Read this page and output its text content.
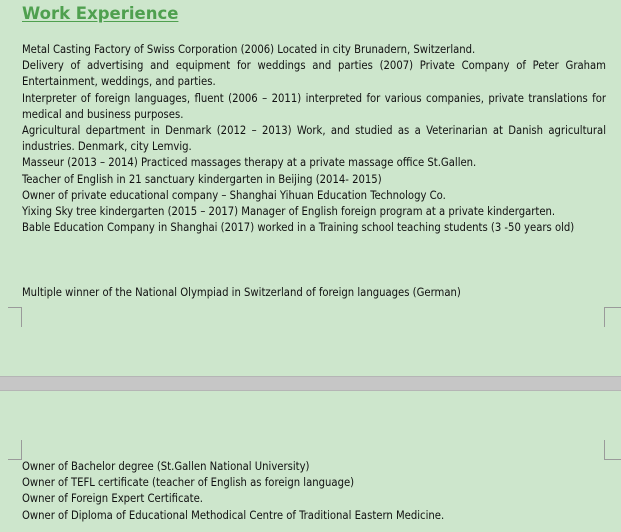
Work Experience
Metal Casting Factory of Swiss Corporation (2006) Located in city Brunadern, Switzerland.
Delivery of advertising and equipment for weddings and parties (2007) Private Company of Peter Graham Entertainment, weddings, and parties.
Interpreter of foreign languages, fluent (2006 – 2011) interpreted for various companies, private translations for medical and business purposes.
Agricultural department in Denmark (2012 – 2013) Work, and studied as a Veterinarian at Danish agricultural industries. Denmark, city Lemvig.
Masseur (2013 – 2014) Practiced massages therapy at a private massage office St.Gallen.
Teacher of English in 21 sanctuary kindergarten in Beijing (2014- 2015)
Owner of private educational company – Shanghai Yihuan Education Technology Co.
Yixing Sky tree kindergarten (2015 – 2017) Manager of English foreign program at a private kindergarten.
Bable Education Company in Shanghai (2017) worked in a Training school teaching students (3 -50 years old)
Multiple winner of the National Olympiad in Switzerland of foreign languages (German)
Owner of Bachelor degree (St.Gallen National University)
Owner of TEFL certificate (teacher of English as foreign language)
Owner of Foreign Expert Certificate.
Owner of Diploma of Educational Methodical Centre of Traditional Eastern Medicine.
